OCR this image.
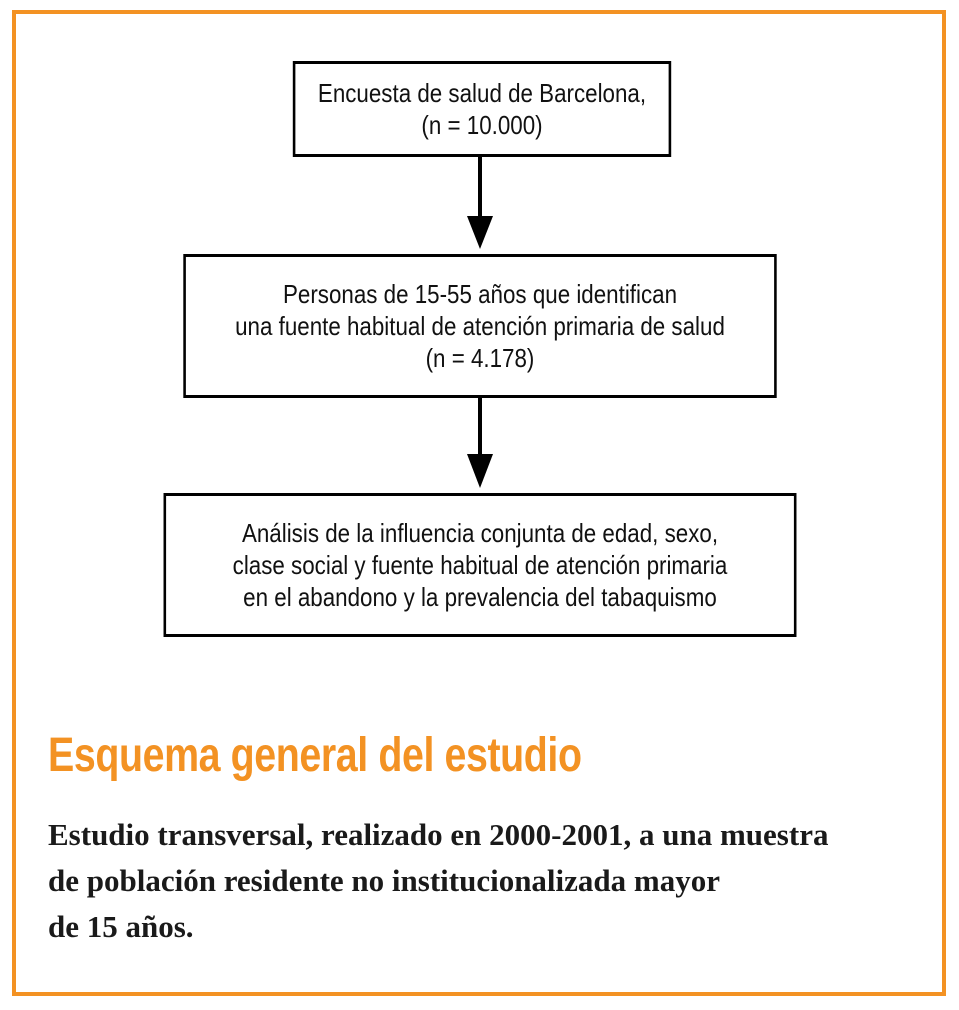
Encuesta de salud de Barcelona,
(n = 10.000)
Personas de 15-55 años que identifican
una fuente habitual de atención primaria de salud
(n = 4.178)
Análisis de la influencia conjunta de edad, sexo,
clase social y fuente habitual de atención primaria
en el abandono y la prevalencia del tabaquismo
Esquema general del estudio
Estudio transversal, realizado en 2000-2001, a una muestra
de población residente no institucionalizada mayor
de 15 años.
